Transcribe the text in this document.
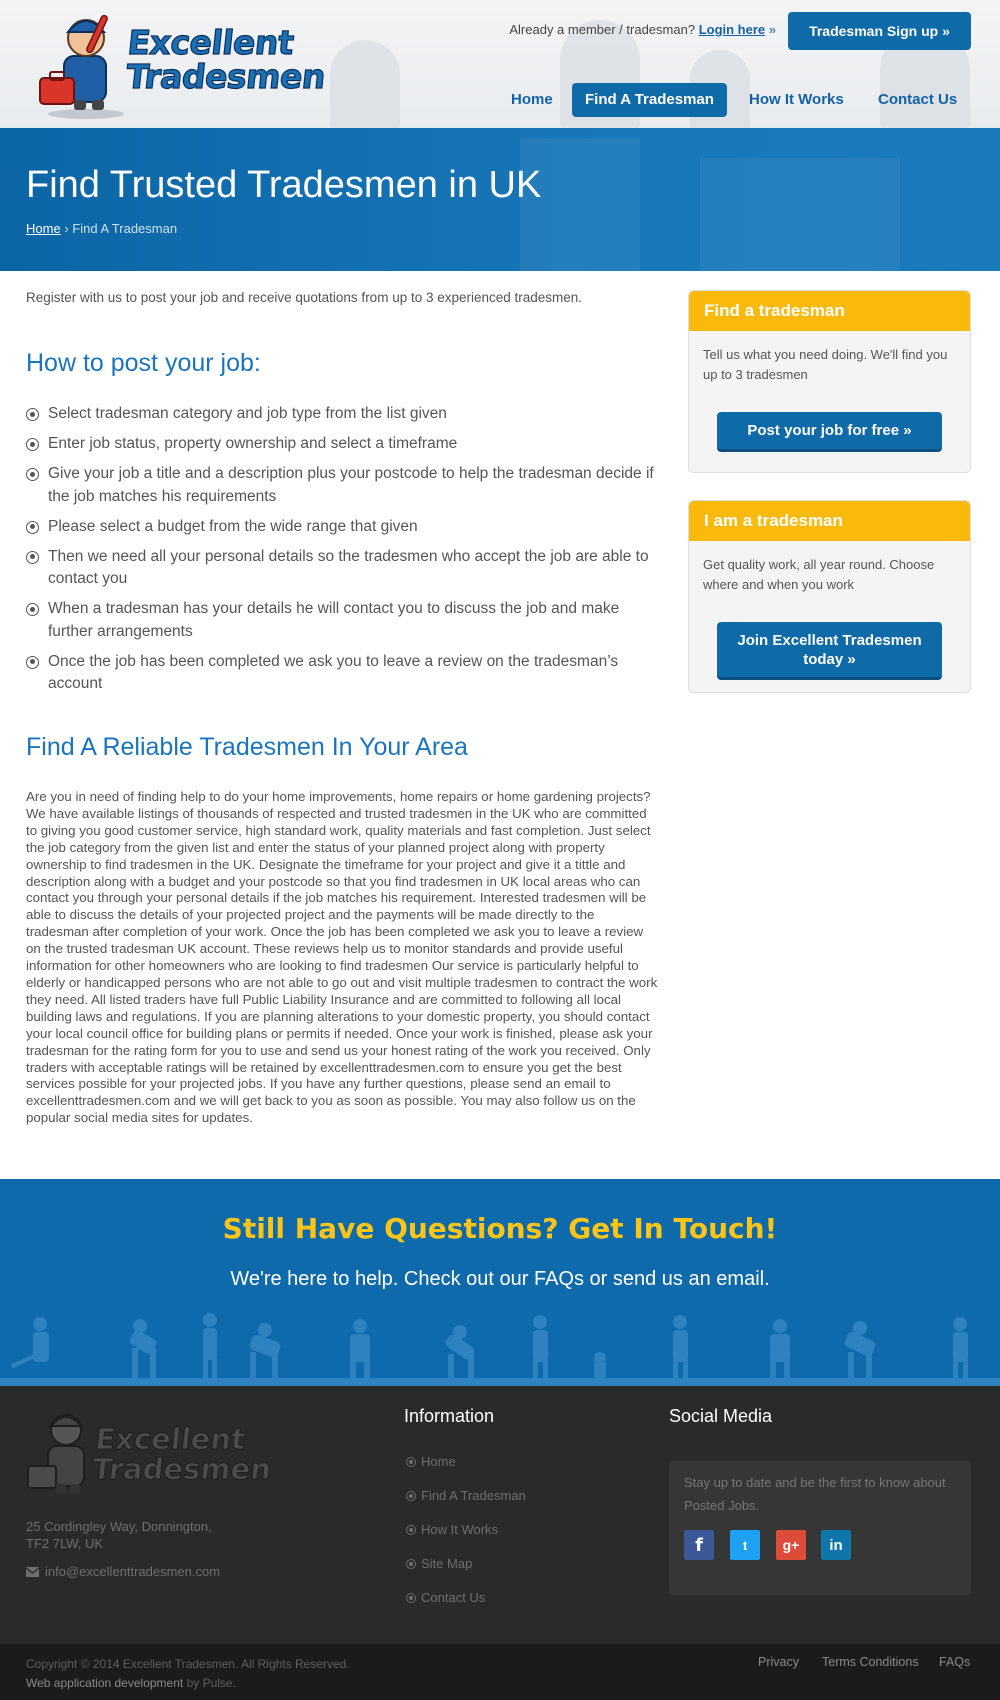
Excellent
Tradesmen
Already a member / tradesman? Login here »	Tradesman Sign up »
Home	Find A Tradesman	How It Works	Contact Us
Find Trusted Tradesmen in UK
Home › Find A Tradesman

Register with us to post your job and receive quotations from up to 3 experienced tradesmen.

How to post your job:
Select tradesman category and job type from the list given
Enter job status, property ownership and select a timeframe
Give your job a title and a description plus your postcode to help the tradesman decide if the job matches his requirements
Please select a budget from the wide range that given
Then we need all your personal details so the tradesmen who accept the job are able to contact you
When a tradesman has your details he will contact you to discuss the job and make further arrangements
Once the job has been completed we ask you to leave a review on the tradesman’s account
Find A Reliable Tradesmen In Your Area

Are you in need of finding help to do your home improvements, home repairs or home gardening projects? We have available listings of thousands of respected and trusted tradesmen in the UK who are committed to giving you good customer service, high standard work, quality materials and fast completion. Just select the job category from the given list and enter the status of your planned project along with property ownership to find tradesmen in the UK. Designate the timeframe for your project and give it a tittle and description along with a budget and your postcode so that you find tradesmen in UK local areas who can contact you through your personal details if the job matches his requirement. Interested tradesmen will be able to discuss the details of your projected project and the payments will be made directly to the tradesman after completion of your work. Once the job has been completed we ask you to leave a review on the trusted tradesman UK account. These reviews help us to monitor standards and provide useful information for other homeowners who are looking to find tradesmen Our service is particularly helpful to elderly or handicapped persons who are not able to go out and visit multiple tradesmen to contract the work they need. All listed traders have full Public Liability Insurance and are committed to following all local building laws and regulations. If you are planning alterations to your domestic property, you should contact your local council office for building plans or permits if needed. Once your work is finished, please ask your tradesman for the rating form for you to use and send us your honest rating of the work you received. Only traders with acceptable ratings will be retained by excellenttradesmen.com to ensure you get the best services possible for your projected jobs. If you have any further questions, please send an email to excellenttradesmen.com and we will get back to you as soon as possible. You may also follow us on the popular social media sites for updates.

Find a tradesman
Tell us what you need doing. We'll find you up to 3 tradesmen
Post your job for free »
I am a tradesman
Get quality work, all year round. Choose where and when you work
Join Excellent Tradesmen today »
Still Have Questions? Get In Touch!

We're here to help. Check out our FAQs or send us an email.

Excellent
Tradesmen
25 Cordingley Way, Donnington,
TF2 7LW, UK
info@excellenttradesmen.com
Information
Home
Find A Tradesman
How It Works
Site Map
Contact Us
Social Media

Stay up to date and be the first to know about Posted Jobs.

f	t	g+	in
Copyright © 2014 Excellent Tradesmen. All Rights Reserved.
Web application development by Pulse.
Privacy Terms Conditions FAQs
